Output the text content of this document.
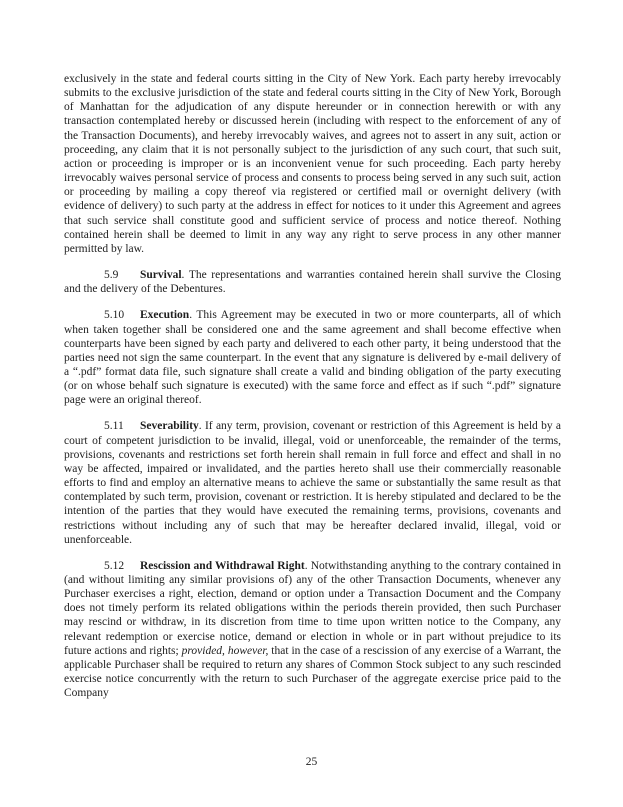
exclusively in the state and federal courts sitting in the City of New York. Each party hereby irrevocably submits to the exclusive jurisdiction of the state and federal courts sitting in the City of New York, Borough of Manhattan for the adjudication of any dispute hereunder or in connection herewith or with any transaction contemplated hereby or discussed herein (including with respect to the enforcement of any of the Transaction Documents), and hereby irrevocably waives, and agrees not to assert in any suit, action or proceeding, any claim that it is not personally subject to the jurisdiction of any such court, that such suit, action or proceeding is improper or is an inconvenient venue for such proceeding. Each party hereby irrevocably waives personal service of process and consents to process being served in any such suit, action or proceeding by mailing a copy thereof via registered or certified mail or overnight delivery (with evidence of delivery) to such party at the address in effect for notices to it under this Agreement and agrees that such service shall constitute good and sufficient service of process and notice thereof. Nothing contained herein shall be deemed to limit in any way any right to serve process in any other manner permitted by law.

5.9 Survival. The representations and warranties contained herein shall survive the Closing and the delivery of the Debentures.

5.10 Execution. This Agreement may be executed in two or more counterparts, all of which when taken together shall be considered one and the same agreement and shall become effective when counterparts have been signed by each party and delivered to each other party, it being understood that the parties need not sign the same counterpart. In the event that any signature is delivered by e-mail delivery of a “.pdf” format data file, such signature shall create a valid and binding obligation of the party executing (or on whose behalf such signature is executed) with the same force and effect as if such “.pdf” signature page were an original thereof.

5.11 Severability. If any term, provision, covenant or restriction of this Agreement is held by a court of competent jurisdiction to be invalid, illegal, void or unenforceable, the remainder of the terms, provisions, covenants and restrictions set forth herein shall remain in full force and effect and shall in no way be affected, impaired or invalidated, and the parties hereto shall use their commercially reasonable efforts to find and employ an alternative means to achieve the same or substantially the same result as that contemplated by such term, provision, covenant or restriction. It is hereby stipulated and declared to be the intention of the parties that they would have executed the remaining terms, provisions, covenants and restrictions without including any of such that may be hereafter declared invalid, illegal, void or unenforceable.

5.12 Rescission and Withdrawal Right. Notwithstanding anything to the contrary contained in (and without limiting any similar provisions of) any of the other Transaction Documents, whenever any Purchaser exercises a right, election, demand or option under a Transaction Document and the Company does not timely perform its related obligations within the periods therein provided, then such Purchaser may rescind or withdraw, in its discretion from time to time upon written notice to the Company, any relevant redemption or exercise notice, demand or election in whole or in part without prejudice to its future actions and rights; provided, however, that in the case of a rescission of any exercise of a Warrant, the applicable Purchaser shall be required to return any shares of Common Stock subject to any such rescinded exercise notice concurrently with the return to such Purchaser of the aggregate exercise price paid to the Company

25
